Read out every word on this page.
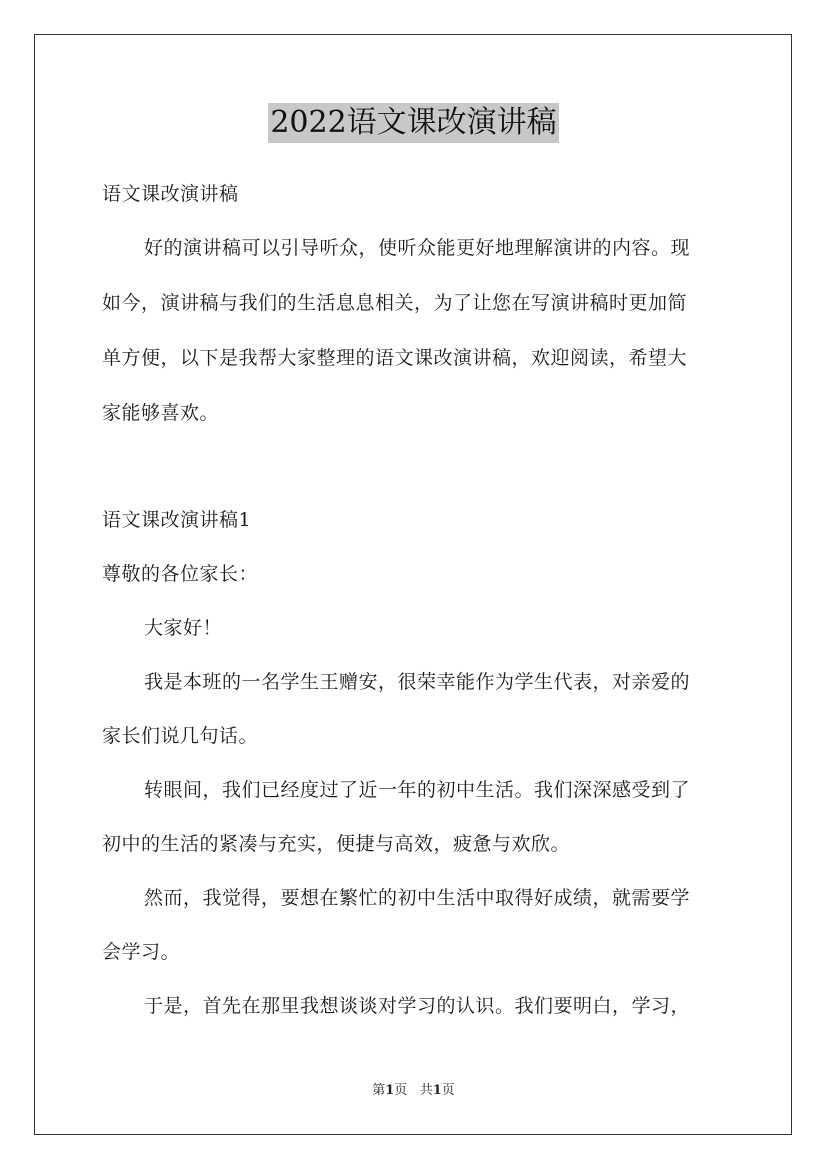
2022语文课改演讲稿
语文课改演讲稿
好的演讲稿可以引导听众，使听众能更好地理解演讲的内容。现
如今，演讲稿与我们的生活息息相关，为了让您在写演讲稿时更加简
单方便，以下是我帮大家整理的语文课改演讲稿，欢迎阅读，希望大
家能够喜欢。
语文课改演讲稿1
尊敬的各位家长：
大家好！
我是本班的一名学生王赠安，很荣幸能作为学生代表，对亲爱的
家长们说几句话。
转眼间，我们已经度过了近一年的初中生活。我们深深感受到了
初中的生活的紧凑与充实，便捷与高效，疲惫与欢欣。
然而，我觉得，要想在繁忙的初中生活中取得好成绩，就需要学
会学习。
于是，首先在那里我想谈谈对学习的认识。我们要明白，学习，
第1页 共1页
